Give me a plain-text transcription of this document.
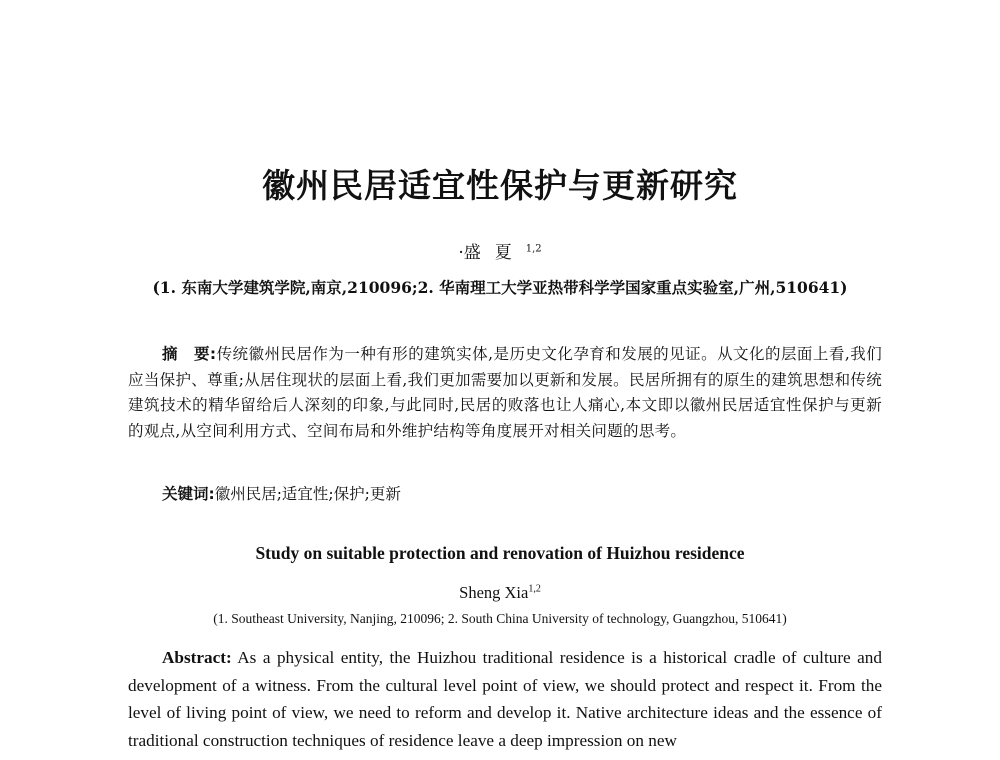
徽州民居适宜性保护与更新研究
·盛夏$^{1,2}$
(1. 东南大学建筑学院,南京,210096;2. 华南理工大学亚热带科学学国家重点实验室,广州,510641)
摘　要:传统徽州民居作为一种有形的建筑实体,是历史文化孕育和发展的见证。从文化的层面上看,我们应当保护、尊重;从居住现状的层面上看,我们更加需要加以更新和发展。民居所拥有的原生的建筑思想和传统建筑技术的精华留给后人深刻的印象,与此同时,民居的败落也让人痛心,本文即以徽州民居适宜性保护与更新的观点,从空间利用方式、空间布局和外维护结构等角度展开对相关问题的思考。
关键词:徽州民居;适宜性;保护;更新
Study on suitable protection and renovation of Huizhou residence
Sheng Xia$^{1,2}$
(1. Southeast University, Nanjing, 210096; 2. South China University of technology, Guangzhou, 510641)
Abstract: As a physical entity, the Huizhou traditional residence is a historical cradle of culture and development of a witness. From the cultural level point of view, we should protect and respect it. From the level of living point of view, we need to reform and develop it. Native architecture ideas and the essence of traditional construction techniques of residence leave a deep impression on new
